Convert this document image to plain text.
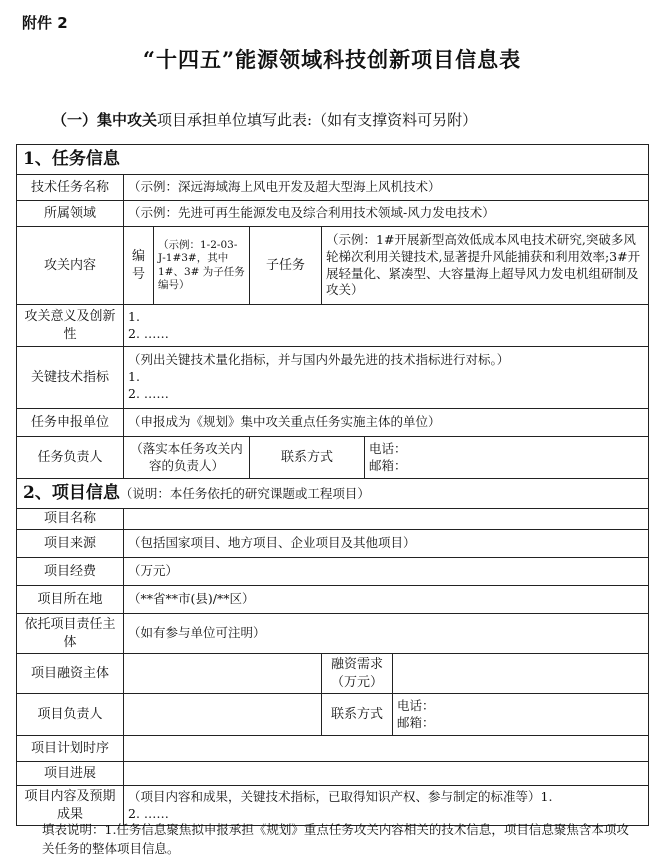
附件 2
“十四五”能源领域科技创新项目信息表
（一）集中攻关项目承担单位填写此表:（如有支撑资料可另附）
1、任务信息						
技术任务名称	（示例：深远海域海上风电开发及超大型海上风机技术）					
所属领域	（示例：先进可再生能源发电及综合利用技术领域-风力发电技术）					
攻关内容	编号	（示例：1-2-03-J-1#3#，其中 1#、3# 为子任务编号）	子任务	（示例：1#开展新型高效低成本风电技术研究,突破多风轮梯次利用关键技术,显著提升风能捕获和利用效率;3#开展轻量化、紧凑型、大容量海上超导风力发电机组研制及攻关）		
攻关意义及创新性	1.
2. ……					

关键技术指标	（列出关键技术量化指标，并与国内外最先进的技术指标进行对标。）
1.
2. ……					

任务申报单位	（申报成为《规划》集中攻关重点任务实施主体的单位）					
任务负责人	（落实本任务攻关内容的负责人）		联系方式		电话：
邮箱：	

2、项目信息（说明：本任务依托的研究课题或工程项目）						
项目名称						
项目来源	（包括国家项目、地方项目、企业项目及其他项目）					
项目经费	（万元）					
项目所在地	（**省**市(县)/**区）					
依托项目责任主体	（如有参与单位可注明）					
项目融资主体				融资需求（万元）		
项目负责人				联系方式		电话：
邮箱：

项目计划时序						
项目进展						
项目内容及预期成果	（项目内容和成果，关键技术指标，已取得知识产权、参与制定的标准等）1.
2. ……					
填表说明：1.任务信息聚焦拟申报承担《规划》重点任务攻关内容相关的技术信息，项目信息聚焦含本项攻关任务的整体项目信息。
